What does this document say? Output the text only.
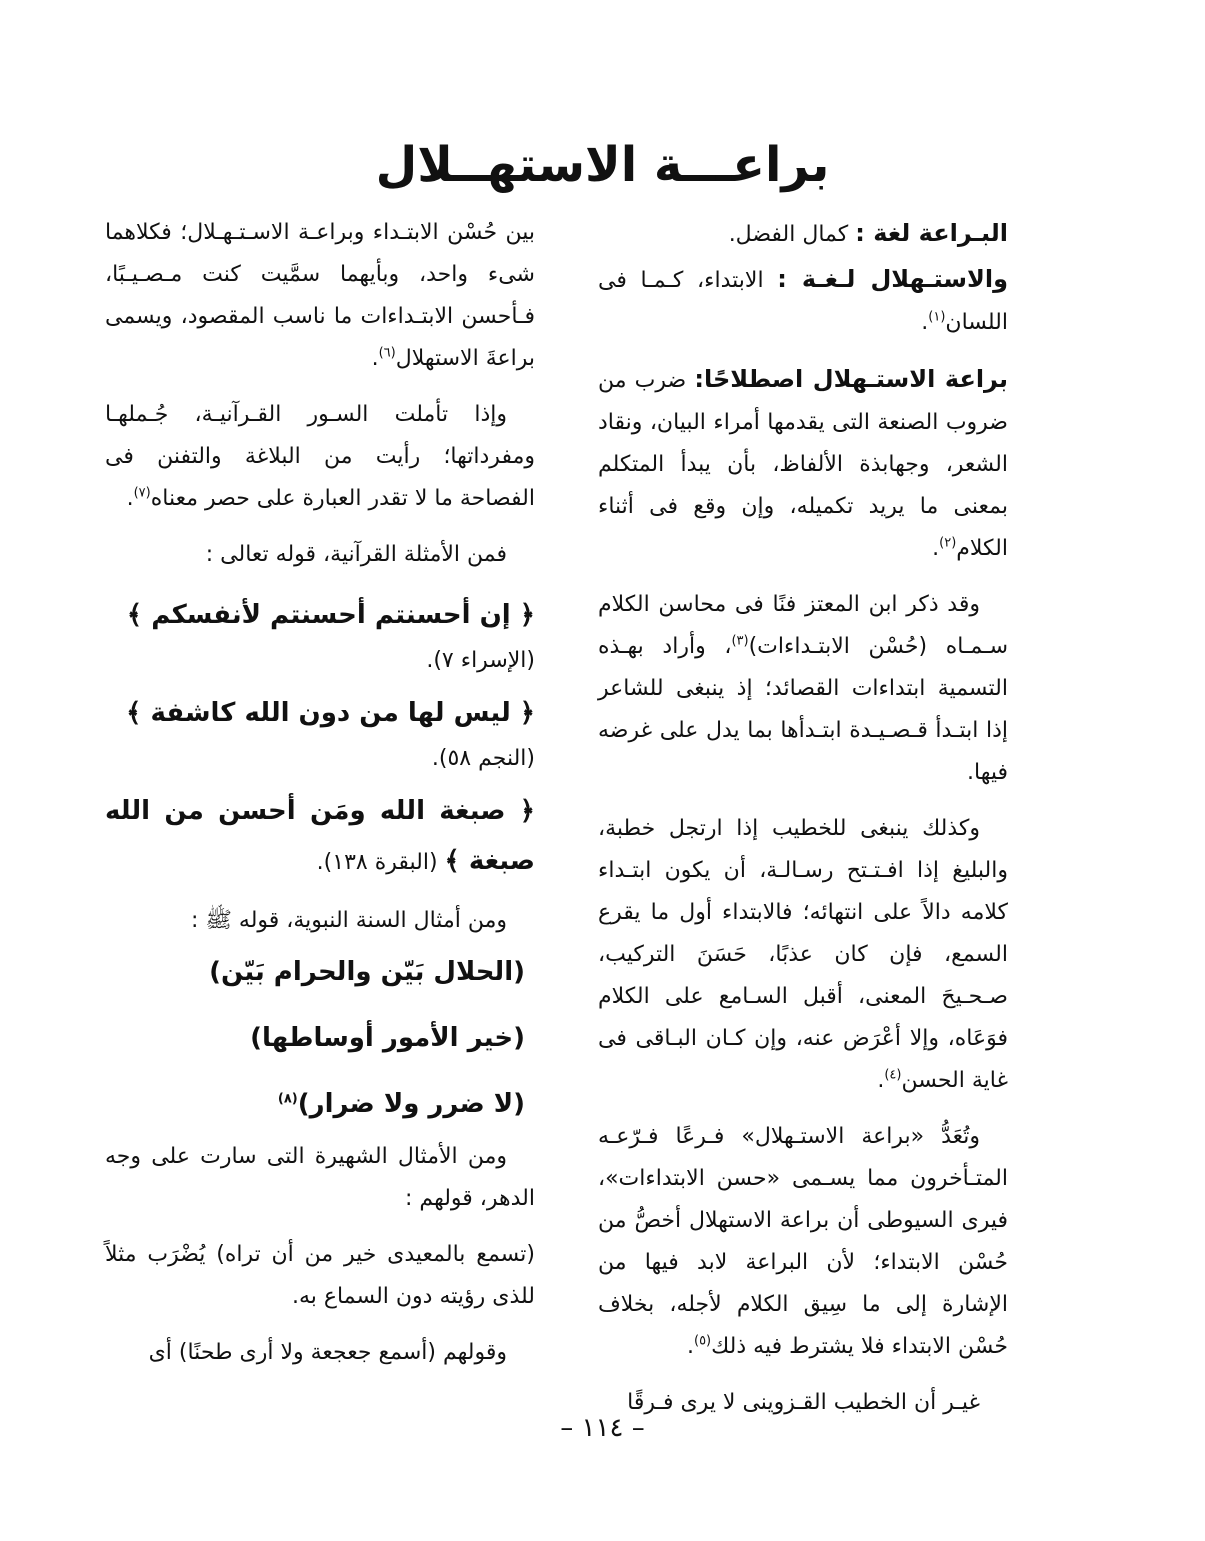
براعـــة الاستهــلال

البـراعة لغة : كمال الفضل.

والاستـهلال لـغـة : الابتداء، كـمـا فى اللسان$^{(١)}$.

براعة الاستـهلال اصطلاحًا: ضرب من ضروب الصنعة التى يقدمها أمراء البيان، ونقاد الشعر، وجهابذة الألفاظ، بأن يبدأ المتكلم بمعنى ما يريد تكميله، وإن وقع فى أثناء الكلام$^{(٢)}$.

وقد ذكر ابن المعتز فنًا فى محاسن الكلام سـمـاه (حُسْن الابتـداءات)$^{(٣)}$، وأراد بهـذه التسمية ابتداءات القصائد؛ إذ ينبغى للشاعر إذا ابتـدأ قـصـيـدة ابتـدأها بما يدل على غرضه فيها.

وكذلك ينبغى للخطيب إذا ارتجل خطبة، والبليغ إذا افـتـتح رسـالـة، أن يكون ابتـداء كلامه دالاً على انتهائه؛ فالابتداء أول ما يقرع السمع، فإن كان عذبًا، حَسَنَ التركيب، صـحـيحَ المعنى، أقبل السـامع على الكلام فوَعَاه، وإلا أعْرَض عنه، وإن كـان البـاقى فى غاية الحسن$^{(٤)}$.

وتُعَدُّ «براعة الاستـهلال» فـرعًا فـرّعـه المتـأخرون مما يسـمى «حسن الابتداءات»، فيرى السيوطى أن براعة الاستهلال أخصُّ من حُسْن الابتداء؛ لأن البراعة لابد فيها من الإشارة إلى ما سِيق الكلام لأجله، بخلاف حُسْن الابتداء فلا يشترط فيه ذلك$^{(٥)}$.

غيـر أن الخطيب القـزوينى لا يرى فـرقًا

بين حُسْن الابتـداء وبراعـة الاسـتـهـلال؛ فكلاهما شىء واحد، وبأيهما سمَّيت كنت مـصـيـبًا، فـأحسن الابتـداءات ما ناسب المقصود، ويسمى براعةَ الاستهلال$^{(٦)}$.

وإذا تأملت السـور القـرآنيـة، جُـملهـا ومفرداتها؛ رأيت من البلاغة والتفنن فى الفصاحة ما لا تقدر العبارة على حصر معناه$^{(٧)}$.

فمن الأمثلة القرآنية، قوله تعالى :

﴿ إن أحسنتم أحسنتم لأنفسكم ﴾
(الإسراء ٧).

﴿ ليس لها من دون الله كاشفة ﴾
(النجم ٥٨).

﴿ صبغة الله ومَن أحسن من الله صبغة ﴾ (البقرة ١٣٨).

ومن أمثال السنة النبوية، قوله ﷺ :

(الحلال بَيّن والحرام بَيّن)

(خير الأمور أوساطها)

(لا ضرر ولا ضرار)$^{(٨)}$

ومن الأمثال الشهيرة التى سارت على وجه الدهر، قولهم :

(تسمع بالمعيدى خير من أن تراه) يُضْرَب مثلاً للذى رؤيته دون السماع به.

وقولهم (أسمع جعجعة ولا أرى طحنًا) أى

– ١١٤ –
